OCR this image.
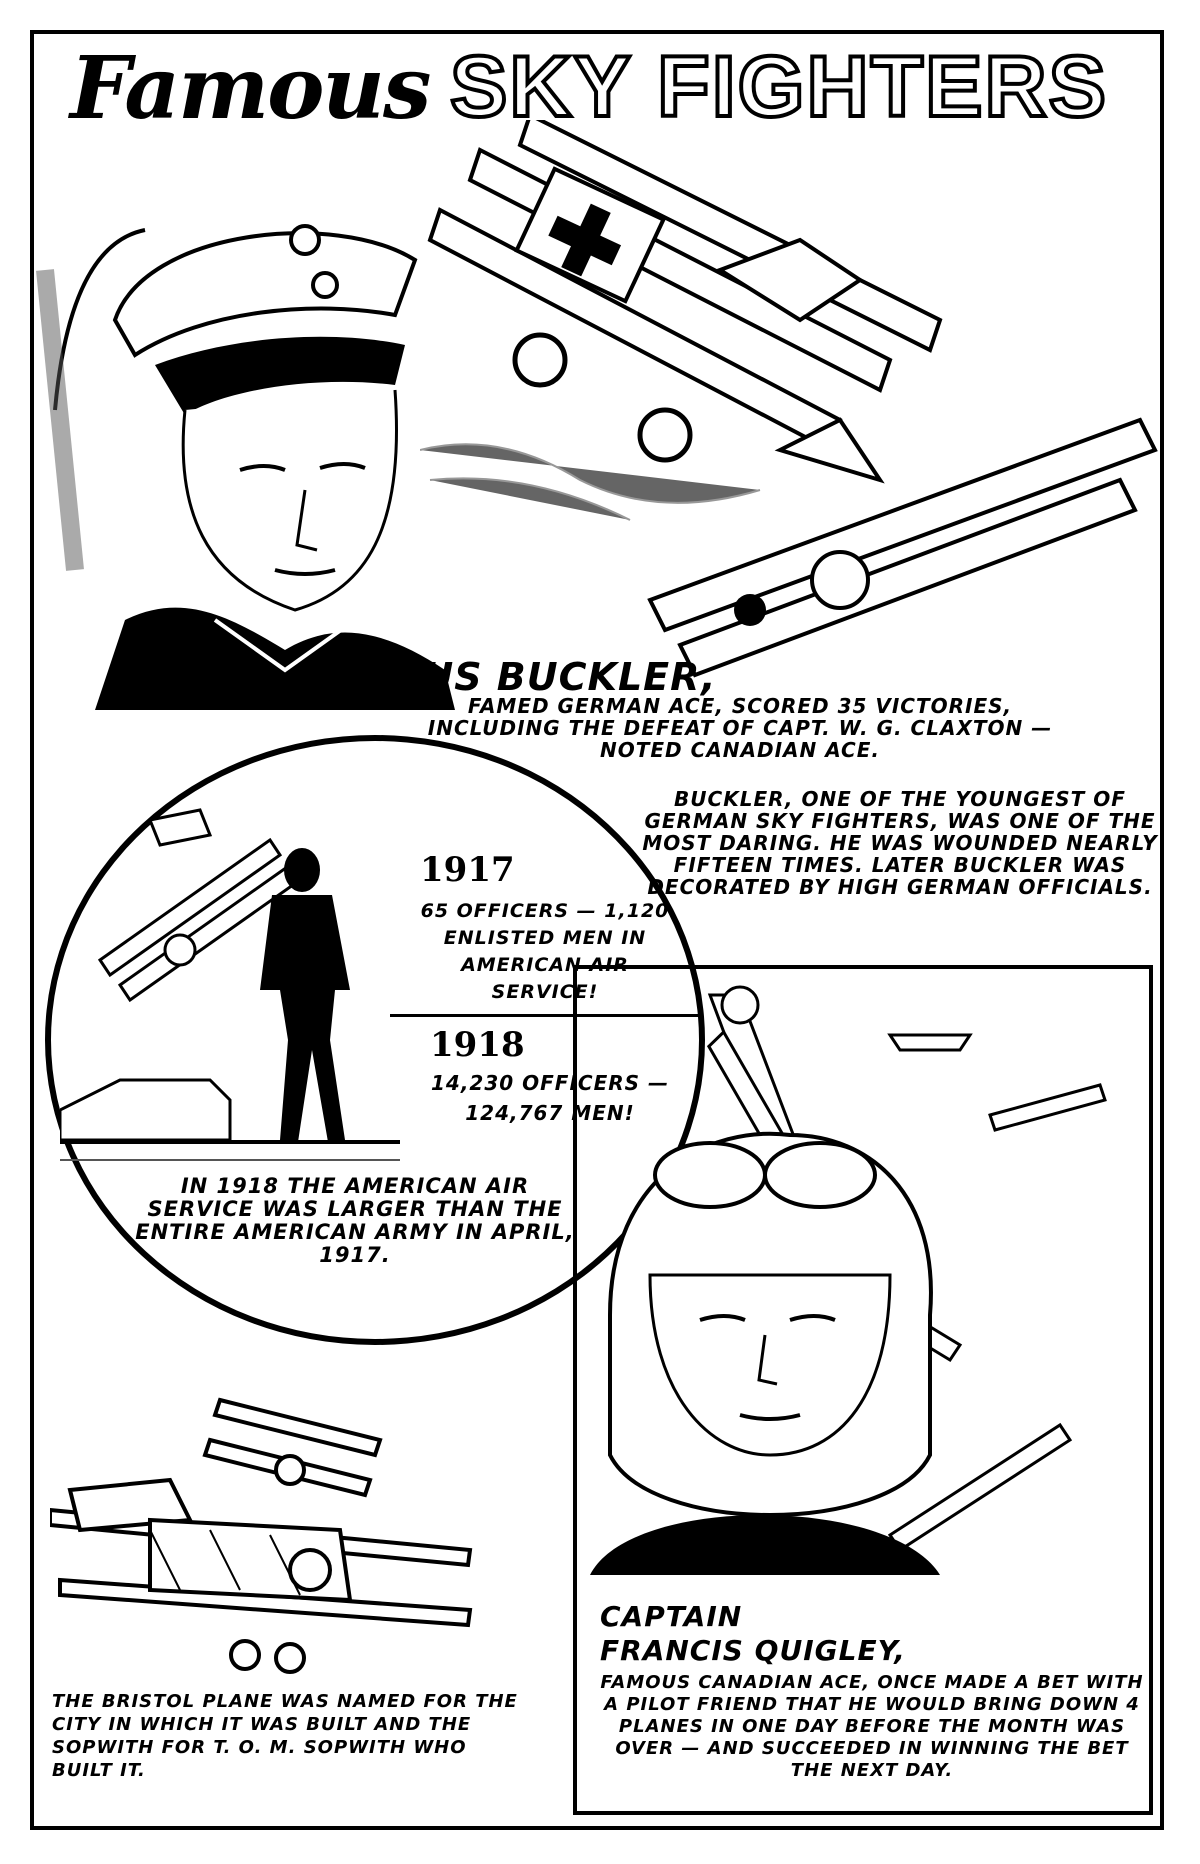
Famous SKY FIGHTERS
JULIUS BUCKLER,
FAMED GERMAN ACE, SCORED 35 VICTORIES, INCLUDING THE DEFEAT OF CAPT. W. G. CLAXTON — NOTED CANADIAN ACE.
BUCKLER, ONE OF THE YOUNGEST OF GERMAN SKY FIGHTERS, WAS ONE OF THE MOST DARING. HE WAS WOUNDED NEARLY FIFTEEN TIMES. LATER BUCKLER WAS DECORATED BY HIGH GERMAN OFFICIALS.
1917
65 OFFICERS — 1,120 ENLISTED MEN IN AMERICAN AIR SERVICE!
1918
14,230 OFFICERS — 124,767 MEN!
IN 1918 THE AMERICAN AIR SERVICE WAS LARGER THAN THE ENTIRE AMERICAN ARMY IN APRIL, 1917.
CAPTAIN
FRANCIS QUIGLEY,
FAMOUS CANADIAN ACE, ONCE MADE A BET WITH A PILOT FRIEND THAT HE WOULD BRING DOWN 4 PLANES IN ONE DAY BEFORE THE MONTH WAS OVER — AND SUCCEEDED IN WINNING THE BET THE NEXT DAY.
THE BRISTOL PLANE WAS NAMED FOR THE CITY IN WHICH IT WAS BUILT AND THE SOPWITH FOR T. O. M. SOPWITH WHO BUILT IT.
